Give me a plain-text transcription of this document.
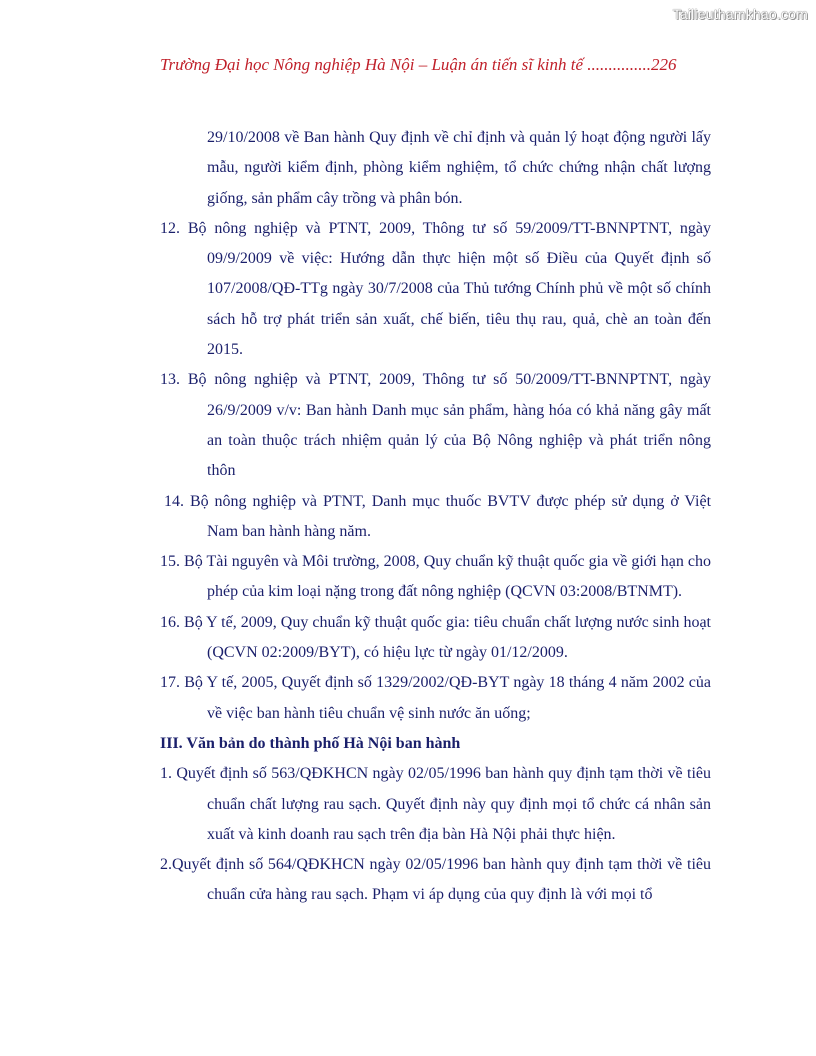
Tailieuthamkhao.com
Trường Đại học Nông nghiệp Hà Nội – Luận án tiến sĩ kinh tế ...............226

29/10/2008 về Ban hành Quy định về chỉ định và quản lý hoạt động người lấy mẫu, người kiểm định, phòng kiểm nghiệm, tổ chức chứng nhận chất lượng giống, sản phẩm cây trồng và phân bón.

12. Bộ nông nghiệp và PTNT, 2009, Thông tư số 59/2009/TT-BNNPTNT, ngày 09/9/2009 về việc: Hướng dẫn thực hiện một số Điều của Quyết định số 107/2008/QĐ-TTg ngày 30/7/2008 của Thủ tướng Chính phủ về một số chính sách hỗ trợ phát triển sản xuất, chế biến, tiêu thụ rau, quả, chè an toàn đến 2015.

13. Bộ nông nghiệp và PTNT, 2009, Thông tư số 50/2009/TT-BNNPTNT, ngày 26/9/2009 v/v: Ban hành Danh mục sản phẩm, hàng hóa có khả năng gây mất an toàn thuộc trách nhiệm quản lý của Bộ Nông nghiệp và phát triển nông thôn

14. Bộ nông nghiệp và PTNT, Danh mục thuốc BVTV được phép sử dụng ở Việt Nam ban hành hàng năm.

15. Bộ Tài nguyên và Môi trường, 2008, Quy chuẩn kỹ thuật quốc gia về giới hạn cho phép của kim loại nặng trong đất nông nghiệp (QCVN 03:2008/BTNMT).

16. Bộ Y tế, 2009, Quy chuẩn kỹ thuật quốc gia: tiêu chuẩn chất lượng nước sinh hoạt (QCVN 02:2009/BYT), có hiệu lực từ ngày 01/12/2009.

17. Bộ Y tế, 2005, Quyết định số 1329/2002/QĐ-BYT ngày 18 tháng 4 năm 2002 của về việc ban hành tiêu chuẩn vệ sinh nước ăn uống;

III. Văn bản do thành phố Hà Nội ban hành

1. Quyết định số 563/QĐKHCN ngày 02/05/1996 ban hành quy định tạm thời về tiêu chuẩn chất lượng rau sạch. Quyết định này quy định mọi tổ chức cá nhân sản xuất và kinh doanh rau sạch trên địa bàn Hà Nội phải thực hiện.

2.Quyết định số 564/QĐKHCN ngày 02/05/1996 ban hành quy định tạm thời về tiêu chuẩn cửa hàng rau sạch. Phạm vi áp dụng của quy định là với mọi tổ
